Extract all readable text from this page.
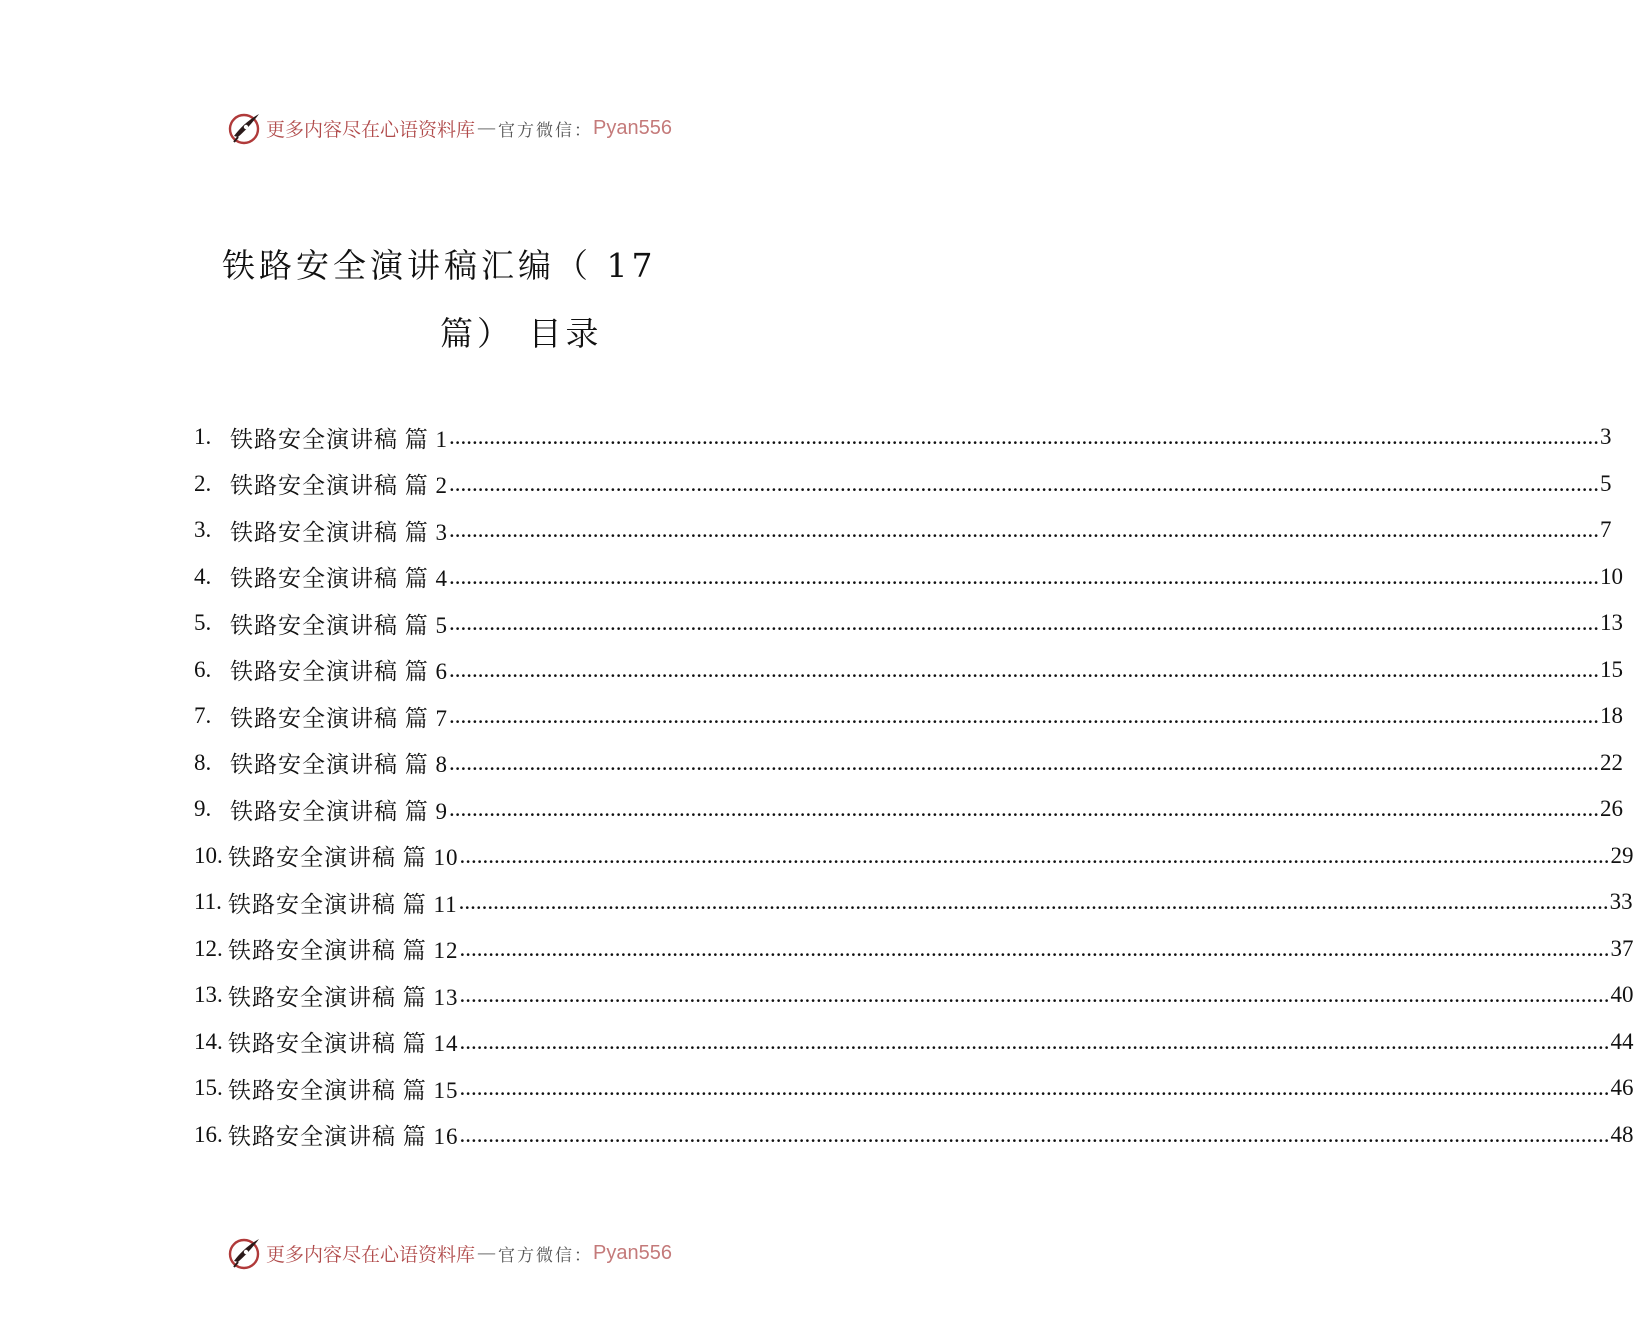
更多内容尽在心语资料库 — 官方微信： Pyan556
铁路安全演讲稿汇编（ 17
篇） 目录
1. 铁路安全演讲稿 篇 1 ........................................................................................................................................................................................................ 3
2. 铁路安全演讲稿 篇 2 ........................................................................................................................................................................................................ 5
3. 铁路安全演讲稿 篇 3 ........................................................................................................................................................................................................ 7
4. 铁路安全演讲稿 篇 4 ........................................................................................................................................................................................................ 10
5. 铁路安全演讲稿 篇 5 ........................................................................................................................................................................................................ 13
6. 铁路安全演讲稿 篇 6 ........................................................................................................................................................................................................ 15
7. 铁路安全演讲稿 篇 7 ........................................................................................................................................................................................................ 18
8. 铁路安全演讲稿 篇 8 ........................................................................................................................................................................................................ 22
9. 铁路安全演讲稿 篇 9 ........................................................................................................................................................................................................ 26
10. 铁路安全演讲稿 篇 10 ........................................................................................................................................................................................................ 29
11. 铁路安全演讲稿 篇 11 ........................................................................................................................................................................................................ 33
12. 铁路安全演讲稿 篇 12 ........................................................................................................................................................................................................ 37
13. 铁路安全演讲稿 篇 13 ........................................................................................................................................................................................................ 40
14. 铁路安全演讲稿 篇 14 ........................................................................................................................................................................................................ 44
15. 铁路安全演讲稿 篇 15 ........................................................................................................................................................................................................ 46
16. 铁路安全演讲稿 篇 16 ........................................................................................................................................................................................................ 48
更多内容尽在心语资料库 — 官方微信： Pyan556
